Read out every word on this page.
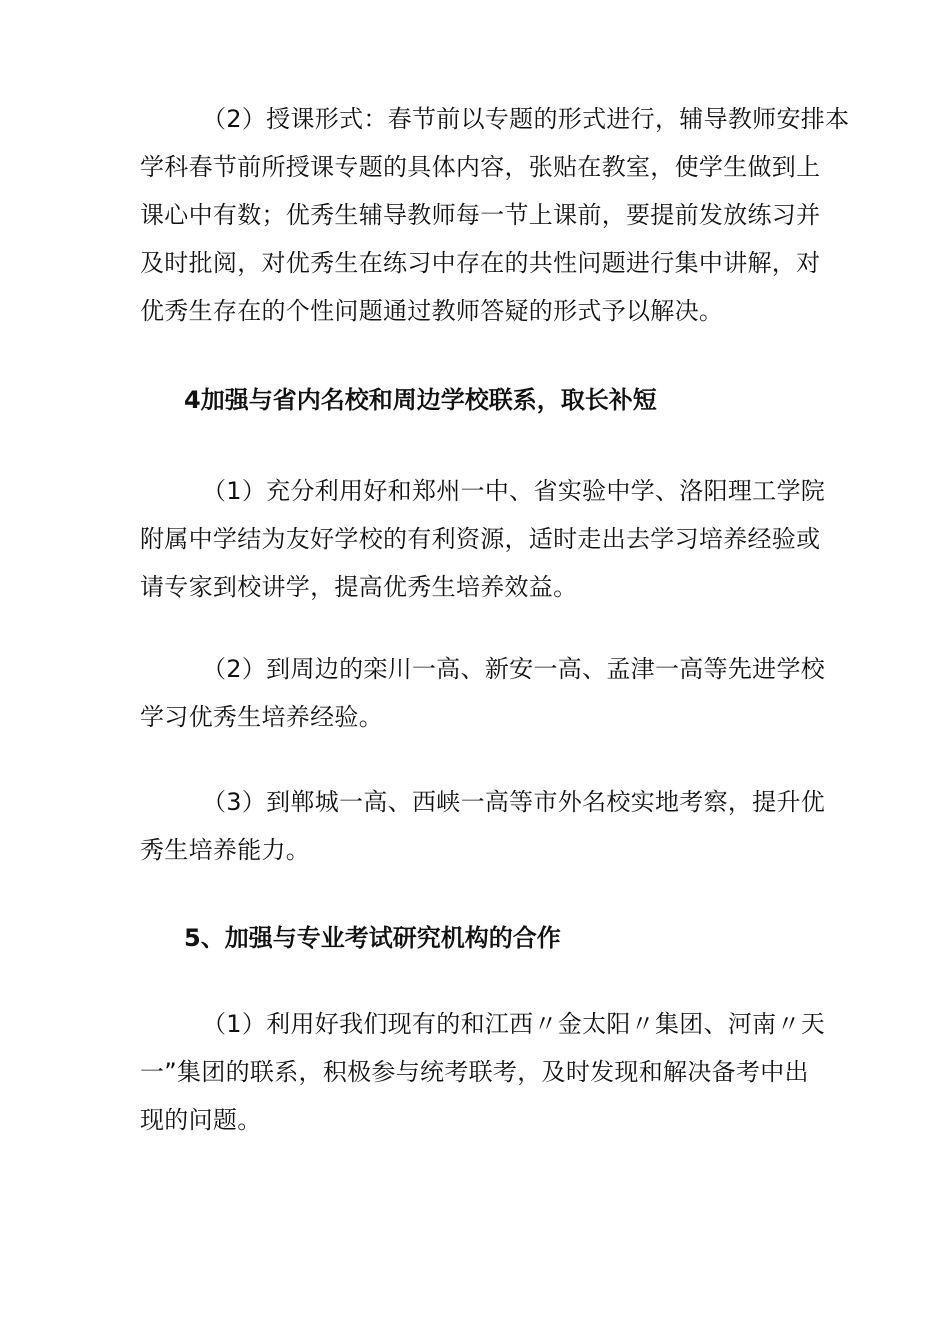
（2）授课形式：春节前以专题的形式进行，辅导教师安排本
学科春节前所授课专题的具体内容，张贴在教室，使学生做到上
课心中有数；优秀生辅导教师每一节上课前，要提前发放练习并
及时批阅，对优秀生在练习中存在的共性问题进行集中讲解，对
优秀生存在的个性问题通过教师答疑的形式予以解决。
4加强与省内名校和周边学校联系，取长补短
（1）充分利用好和郑州一中、省实验中学、洛阳理工学院
附属中学结为友好学校的有利资源，适时走出去学习培养经验或
请专家到校讲学，提高优秀生培养效益。
（2）到周边的栾川一高、新安一高、孟津一高等先进学校
学习优秀生培养经验。
（3）到郸城一高、西峡一高等市外名校实地考察，提升优
秀生培养能力。
5、加强与专业考试研究机构的合作
（1）利用好我们现有的和江西〃金太阳〃集团、河南〃天
一”集团的联系，积极参与统考联考，及时发现和解决备考中出
现的问题。
